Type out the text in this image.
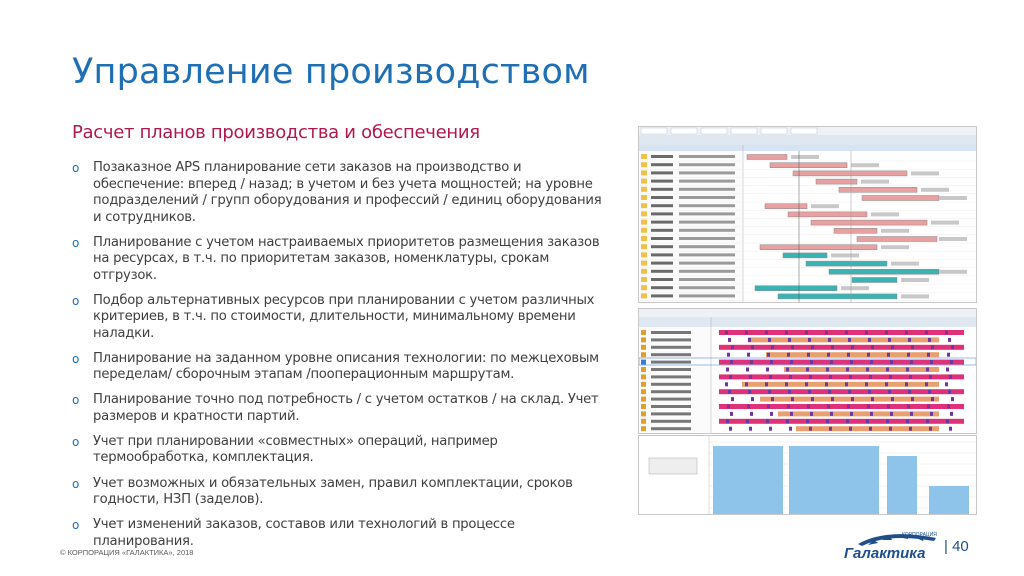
Управление производством
Расчет планов производства и обеспечения
o Позаказное APS планирование сети заказов на производство и обеспечение: вперед / назад; в учетом и без учета мощностей; на уровне подразделений / групп оборудования и профессий / единиц оборудования и сотрудников.
o Планирование с учетом настраиваемых приоритетов размещения заказов на ресурсах, в т.ч. по приоритетам заказов, номенклатуры, срокам отгрузок.
o Подбор альтернативных ресурсов при планировании с учетом различных критериев, в т.ч. по стоимости, длительности, минимальному времени наладки.
o Планирование на заданном уровне описания технологии: по межцеховым переделам/ сборочным этапам /пооперационным маршрутам.
o Планирование точно под потребность / с учетом остатков / на склад. Учет размеров и кратности партий.
o Учет при планировании «совместных» операций, например термообработка, комплектация.
o Учет возможных и обязательных замен, правил комплектации, сроков годности, НЗП (заделов).
o Учет изменений заказов, составов или технологий в процессе планирования.
© КОРПОРАЦИЯ «ГАЛАКТИКА», 2018
КОРПОРАЦИЯ
Галактика | 40
